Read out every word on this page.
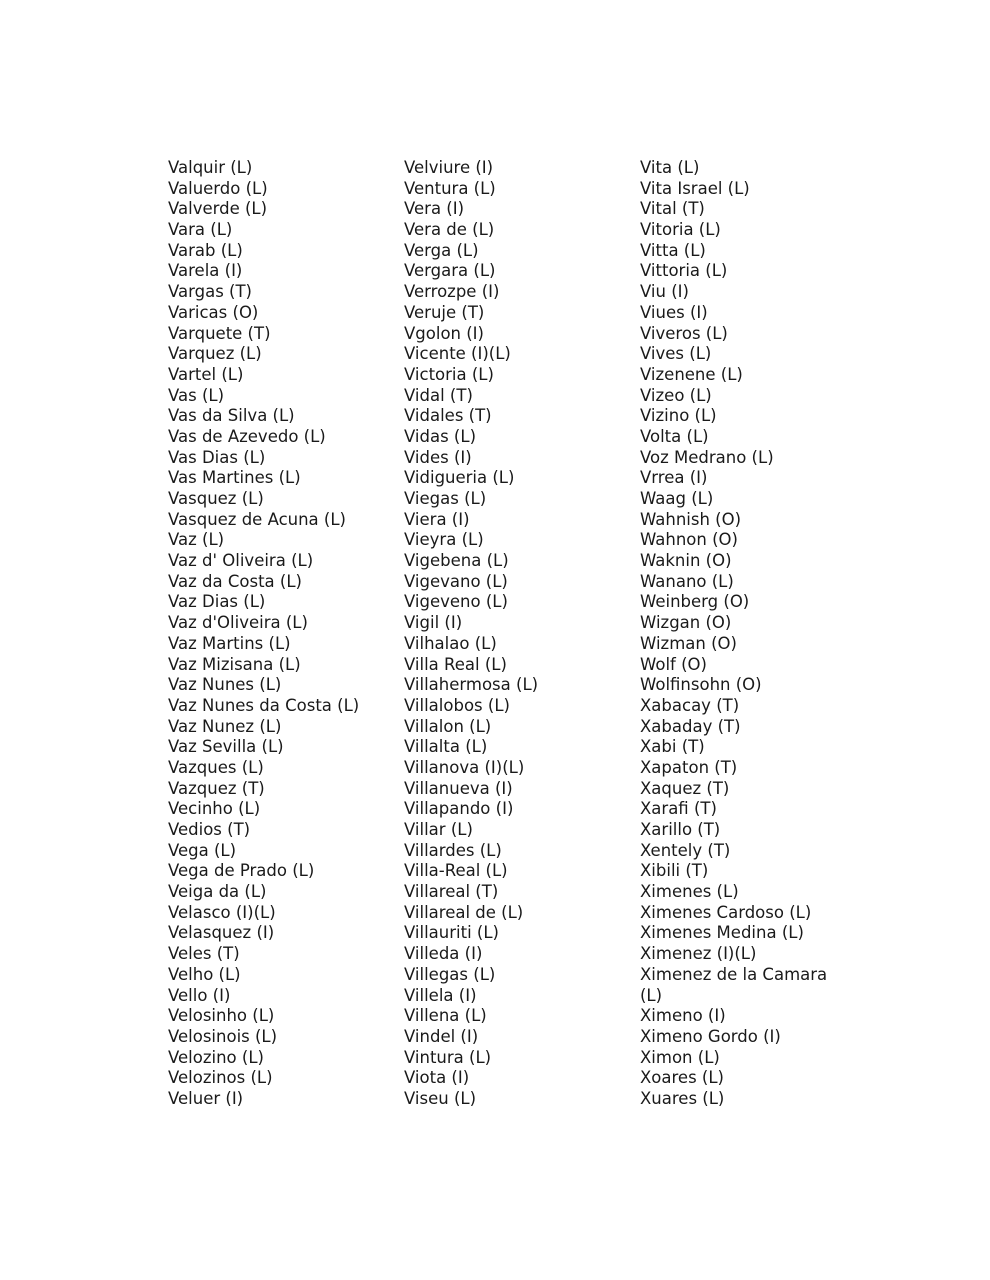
Valquir (L)
Valuerdo (L)
Valverde (L)
Vara (L)
Varab (L)
Varela (I)
Vargas (T)
Varicas (O)
Varquete (T)
Varquez (L)
Vartel (L)
Vas (L)
Vas da Silva (L)
Vas de Azevedo (L)
Vas Dias (L)
Vas Martines (L)
Vasquez (L)
Vasquez de Acuna (L)
Vaz (L)
Vaz d' Oliveira (L)
Vaz da Costa (L)
Vaz Dias (L)
Vaz d'Oliveira (L)
Vaz Martins (L)
Vaz Mizisana (L)
Vaz Nunes (L)
Vaz Nunes da Costa (L)
Vaz Nunez (L)
Vaz Sevilla (L)
Vazques (L)
Vazquez (T)
Vecinho (L)
Vedios (T)
Vega (L)
Vega de Prado (L)
Veiga da (L)
Velasco (I)(L)
Velasquez (I)
Veles (T)
Velho (L)
Vello (I)
Velosinho (L)
Velosinois (L)
Velozino (L)
Velozinos (L)
Veluer (I)
Velviure (I)
Ventura (L)
Vera (I)
Vera de (L)
Verga (L)
Vergara (L)
Verrozpe (I)
Veruje (T)
Vgolon (I)
Vicente (I)(L)
Victoria (L)
Vidal (T)
Vidales (T)
Vidas (L)
Vides (I)
Vidigueria (L)
Viegas (L)
Viera (I)
Vieyra (L)
Vigebena (L)
Vigevano (L)
Vigeveno (L)
Vigil (I)
Vilhalao (L)
Villa Real (L)
Villahermosa (L)
Villalobos (L)
Villalon (L)
Villalta (L)
Villanova (I)(L)
Villanueva (I)
Villapando (I)
Villar (L)
Villardes (L)
Villa-Real (L)
Villareal (T)
Villareal de (L)
Villauriti (L)
Villeda (I)
Villegas (L)
Villela (I)
Villena (L)
Vindel (I)
Vintura (L)
Viota (I)
Viseu (L)
Vita (L)
Vita Israel (L)
Vital (T)
Vitoria (L)
Vitta (L)
Vittoria (L)
Viu (I)
Viues (I)
Viveros (L)
Vives (L)
Vizenene (L)
Vizeo (L)
Vizino (L)
Volta (L)
Voz Medrano (L)
Vrrea (I)
Waag (L)
Wahnish (O)
Wahnon (O)
Waknin (O)
Wanano (L)
Weinberg (O)
Wizgan (O)
Wizman (O)
Wolf (O)
Wolfinsohn (O)
Xabacay (T)
Xabaday (T)
Xabi (T)
Xapaton (T)
Xaquez (T)
Xarafi (T)
Xarillo (T)
Xentely (T)
Xibili (T)
Ximenes (L)
Ximenes Cardoso (L)
Ximenes Medina (L)
Ximenez (I)(L)
Ximenez de la Camara (L)
Ximeno (I)
Ximeno Gordo (I)
Ximon (L)
Xoares (L)
Xuares (L)
